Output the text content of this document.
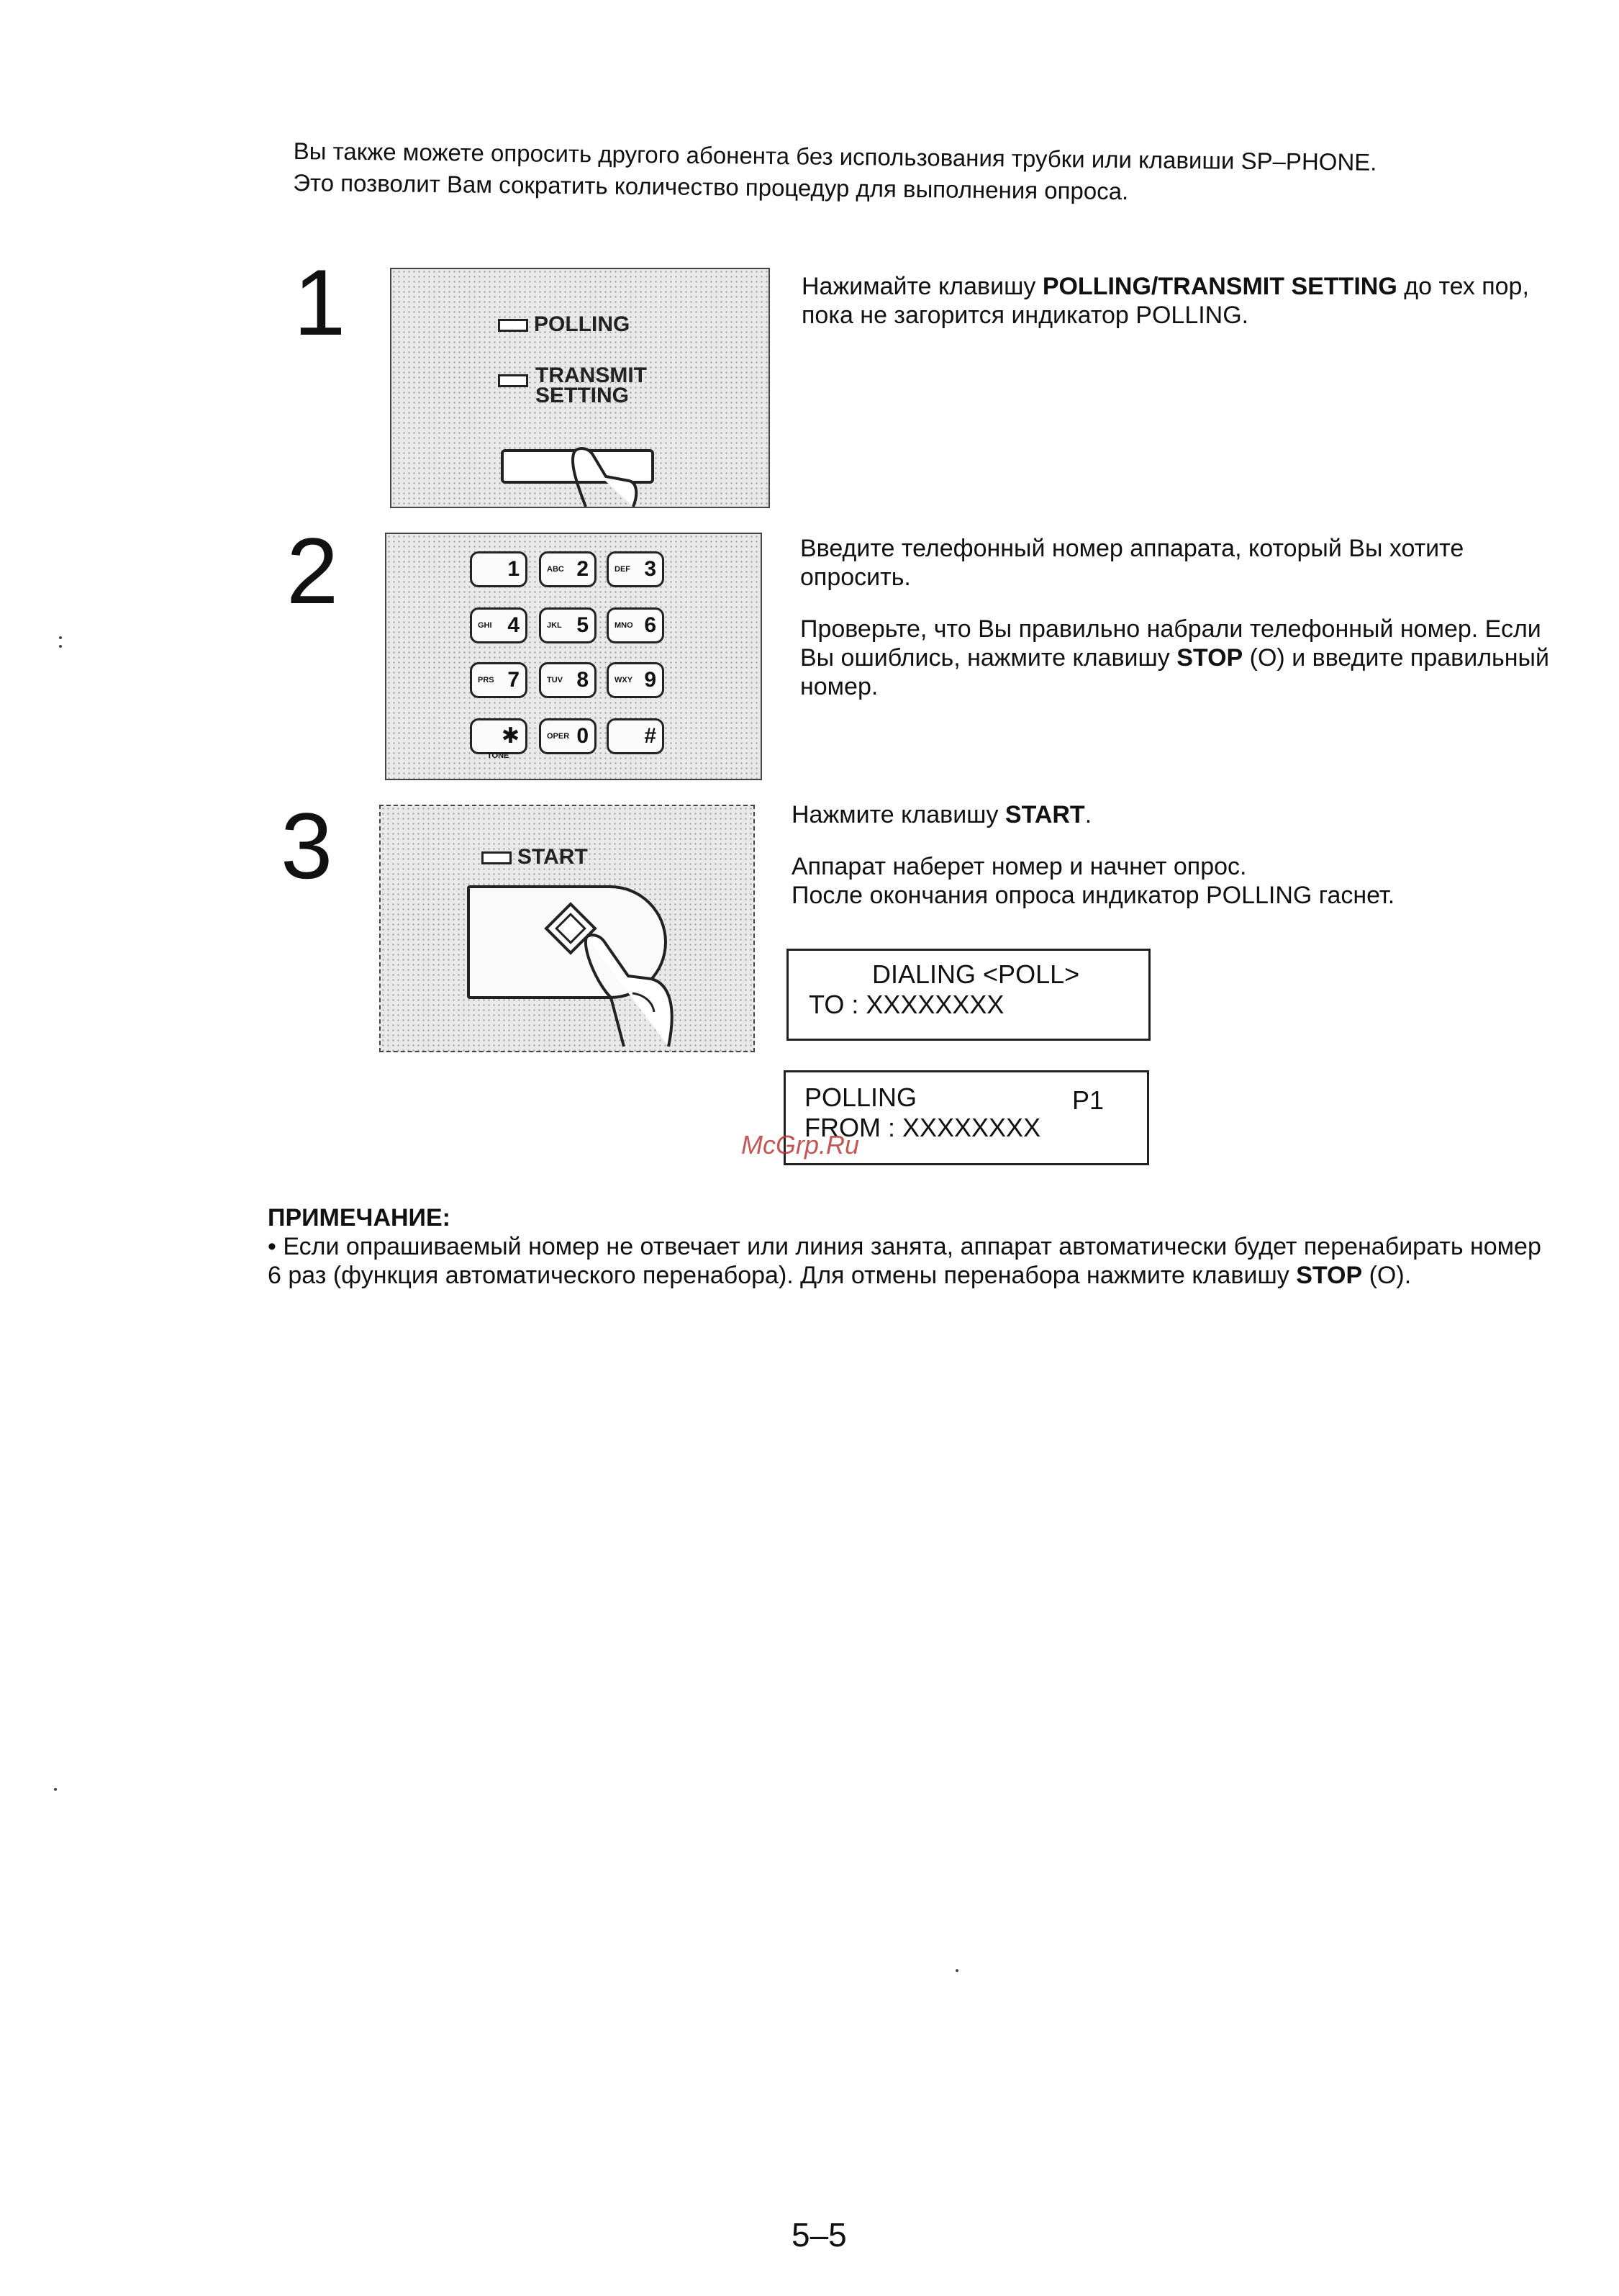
Вы также можете опросить другого абонента без использования трубки или клавиши SP–PHONE.
Это позволит Вам сократить количество процедур для выполнения опроса.
1	POLLING
TRANSMIT
SETTING
Нажимайте клавишу POLLING/TRANSMIT SETTING до тех пор, пока не загорится индикатор POLLING.
2	1	ABC 2	DEF 3
GHI 4	JKL 5	MNO 6
PRS 7	TUV 8	WXY 9
✱	OPER 0	#
TONE

Введите телефонный номер аппарата, который Вы хотите опросить.

Проверьте, что Вы правильно набрали телефонный номер. Если Вы ошиблись, нажмите клавишу STOP (O) и введите правильный номер.

3	START

Нажмите клавишу START.

Аппарат наберет номер и начнет опрос.
После окончания опроса индикатор POLLING гаснет.
DIALING <POLL>
TO : XXXXXXXX
POLLING	P1
FROM : XXXXXXXX
McGrp.Ru
ПРИМЕЧАНИЕ:
• Если опрашиваемый номер не отвечает или линия занята, аппарат автоматически будет перенабирать номер 6 раз (функция автоматического перенабора). Для отмены перенабора нажмите клавишу STOP (O).
5–5
